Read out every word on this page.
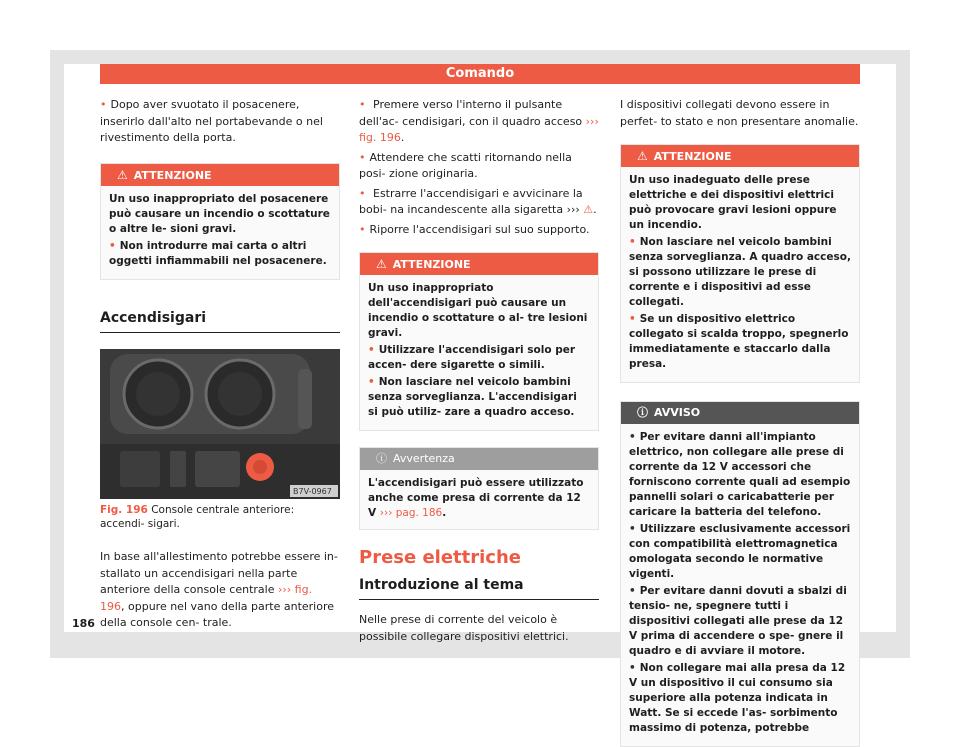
Comando

• Dopo aver svuotato il posacenere, inserirlo dall'alto nel portabevande o nel rivestimento della porta.

⚠ ATTENZIONE

Un uso inappropriato del posacenere può causare un incendio o scottature o altre le- sioni gravi.

• Non introdurre mai carta o altri oggetti infiammabili nel posacenere.

Accendisigari
B7V-0967

Fig. 196 Console centrale anteriore: accendi- sigari.

In base all'allestimento potrebbe essere in- stallato un accendisigari nella parte anteriore della console centrale ››› fig. 196, oppure nel vano della parte anteriore della console cen- trale.

• Premere verso l'interno il pulsante dell'ac- cendisigari, con il quadro acceso ››› fig. 196.

• Attendere che scatti ritornando nella posi- zione originaria.

• Estrarre l'accendisigari e avvicinare la bobi- na incandescente alla sigaretta ››› ⚠.

• Riporre l'accendisigari sul suo supporto.

⚠ ATTENZIONE

Un uso inappropriato dell'accendisigari può causare un incendio o scottature o al- tre lesioni gravi.

• Utilizzare l'accendisigari solo per accen- dere sigarette o simili.

• Non lasciare nel veicolo bambini senza sorveglianza. L'accendisigari si può utiliz- zare a quadro acceso.

ⓘ Avvertenza
L'accendisigari può essere utilizzato anche come presa di corrente da 12 V ››› pag. 186.
Prese elettriche
Introduzione al tema

Nelle prese di corrente del veicolo è possibile collegare dispositivi elettrici.

I dispositivi collegati devono essere in perfet- to stato e non presentare anomalie.

⚠ ATTENZIONE

Un uso inadeguato delle prese elettriche e dei dispositivi elettrici può provocare gravi lesioni oppure un incendio.

• Non lasciare nel veicolo bambini senza sorveglianza. A quadro acceso, si possono utilizzare le prese di corrente e i dispositivi ad esse collegati.

• Se un dispositivo elettrico collegato si scalda troppo, spegnerlo immediatamente e staccarlo dalla presa.

ⓘ AVVISO

• Per evitare danni all'impianto elettrico, non collegare alle prese di corrente da 12 V accessori che forniscono corrente quali ad esempio pannelli solari o caricabatterie per caricare la batteria del telefono.

• Utilizzare esclusivamente accessori con compatibilità elettromagnetica omologata secondo le normative vigenti.

• Per evitare danni dovuti a sbalzi di tensio- ne, spegnere tutti i dispositivi collegati alle prese da 12 V prima di accendere o spe- gnere il quadro e di avviare il motore.

• Non collegare mai alla presa da 12 V un dispositivo il cui consumo sia superiore alla potenza indicata in Watt. Se si eccede l'as- sorbimento massimo di potenza, potrebbe

186
